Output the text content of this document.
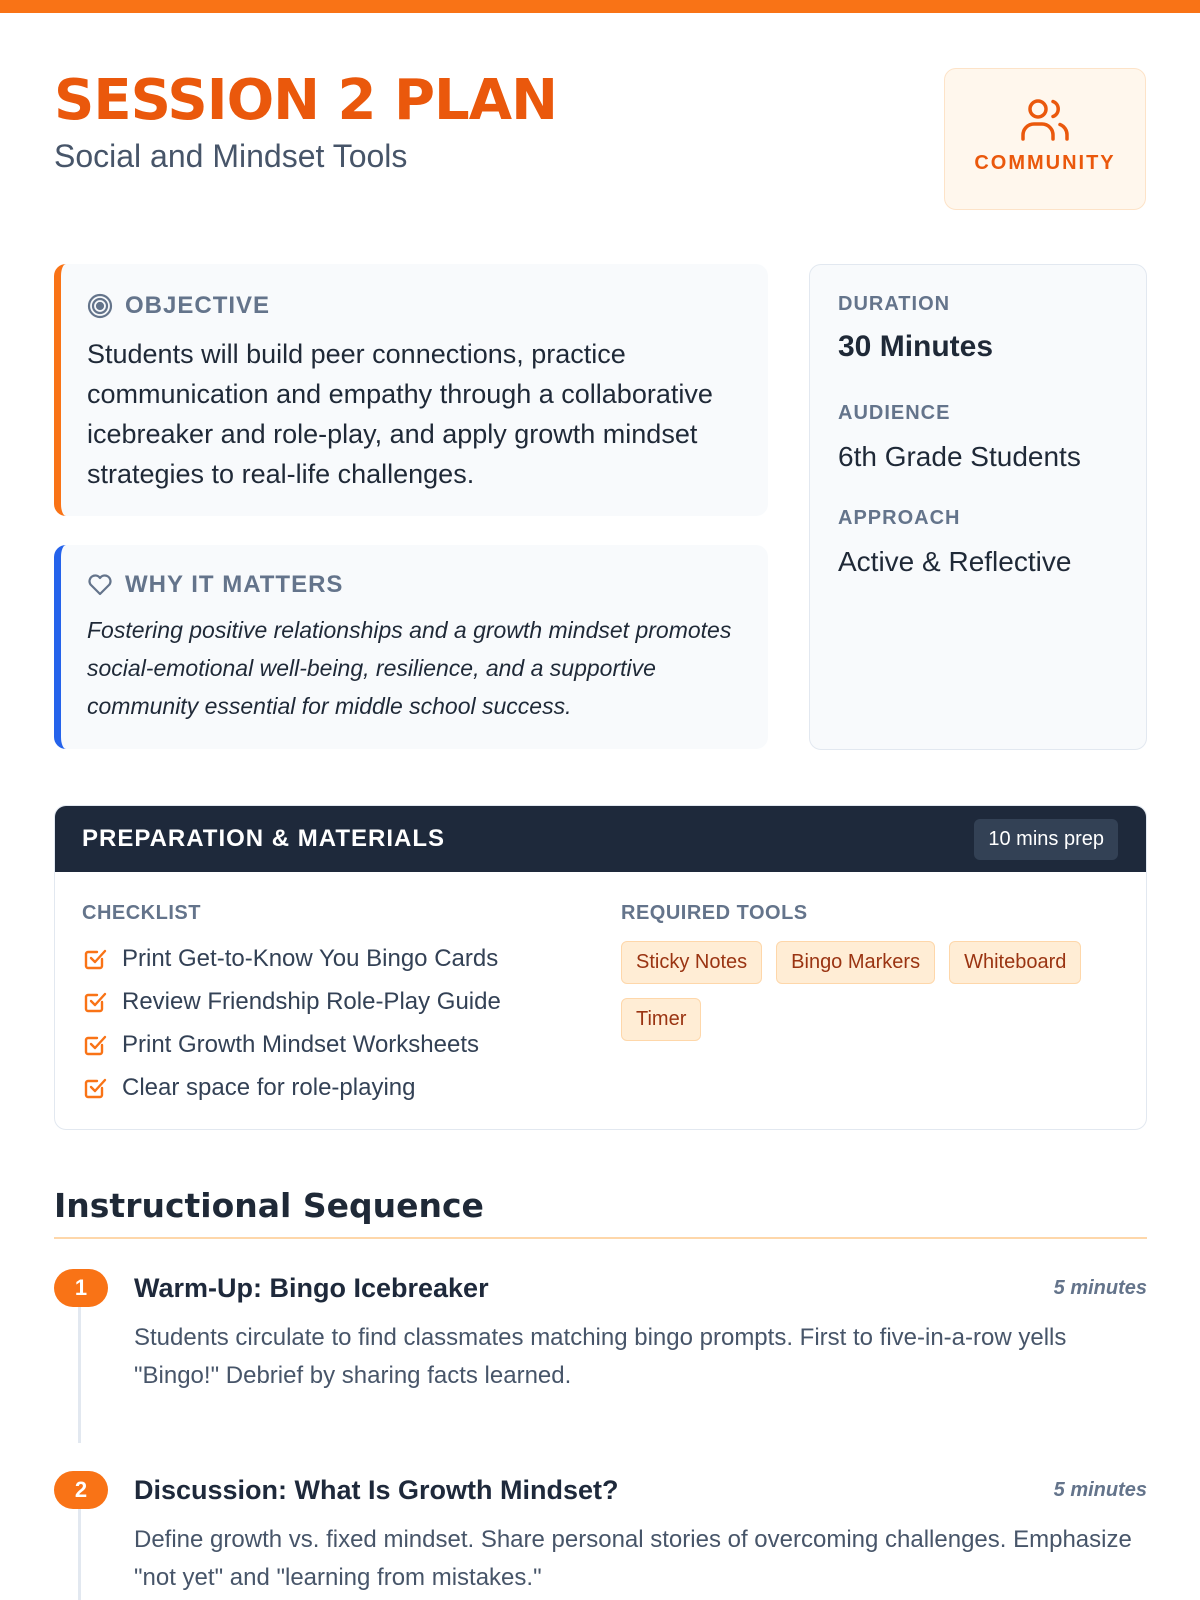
SESSION 2 PLAN
Social and Mindset Tools	COMMUNITY
OBJECTIVE
Students will build peer connections, practice communication and empathy through a collaborative icebreaker and role-play, and apply growth mindset strategies to real-life challenges.
WHY IT MATTERS
Fostering positive relationships and a growth mindset promotes social-emotional well-being, resilience, and a supportive community essential for middle school success.
DURATION
30 Minutes
AUDIENCE
6th Grade Students
APPROACH
Active & Reflective
PREPARATION & MATERIALS	10 mins prep
CHECKLIST
Print Get-to-Know You Bingo Cards
Review Friendship Role-Play Guide
Print Growth Mindset Worksheets
Clear space for role-playing
REQUIRED TOOLS
Sticky Notes	Bingo Markers	Whiteboard
Timer
Instructional Sequence
1	Warm-Up: Bingo Icebreaker	5 minutes
Students circulate to find classmates matching bingo prompts. First to five-in-a-row yells "Bingo!" Debrief by sharing facts learned.
2	Discussion: What Is Growth Mindset?	5 minutes
Define growth vs. fixed mindset. Share personal stories of overcoming challenges. Emphasize "not yet" and "learning from mistakes."
